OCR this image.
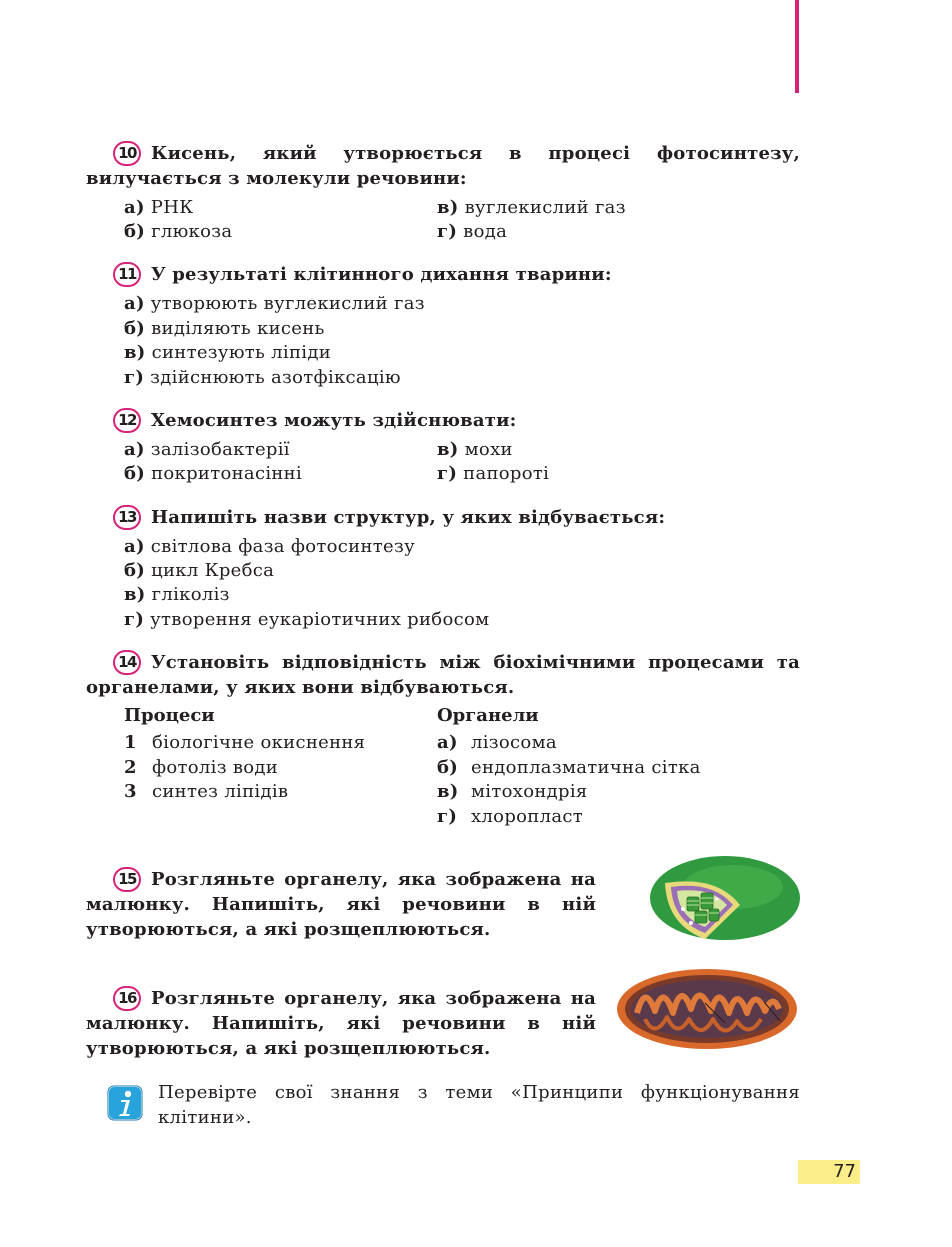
10 Кисень, який утворюється в процесі фотосинтезу, вилучається з молекули речовини:
а) РНК
б) глюкоза
в) вуглекислий газ
г) вода
11 У результаті клітинного дихання тварини:
а) утворюють вуглекислий газ
б) виділяють кисень
в) синтезують ліпіди
г) здійснюють азотфіксацію
12 Хемосинтез можуть здійснювати:
а) залізобактерії
б) покритонасінні
в) мохи
г) папороті
13 Напишіть назви структур, у яких відбувається:
а) світлова фаза фотосинтезу
б) цикл Кребса
в) гліколіз
г) утворення еукаріотичних рибосом
14 Установіть відповідність між біохімічними процесами та органелами, у яких вони відбуваються.
Процеси	Органели
1 біологічне окиснення
2 фотоліз води
3 синтез ліпідів
а) лізосома
б) ендоплазматична сітка
в) мітохондрія
г) хлоропласт
15 Розгляньте органелу, яка зображена на малюнку. Напишіть, які речовини в ній утворюються, а які розщеплюються.
16 Розгляньте органелу, яка зображена на малюнку. Напишіть, які речовини в ній утворюються, а які розщеплюються.
Перевірте свої знання з теми «Принципи функціонування клітини».
77
